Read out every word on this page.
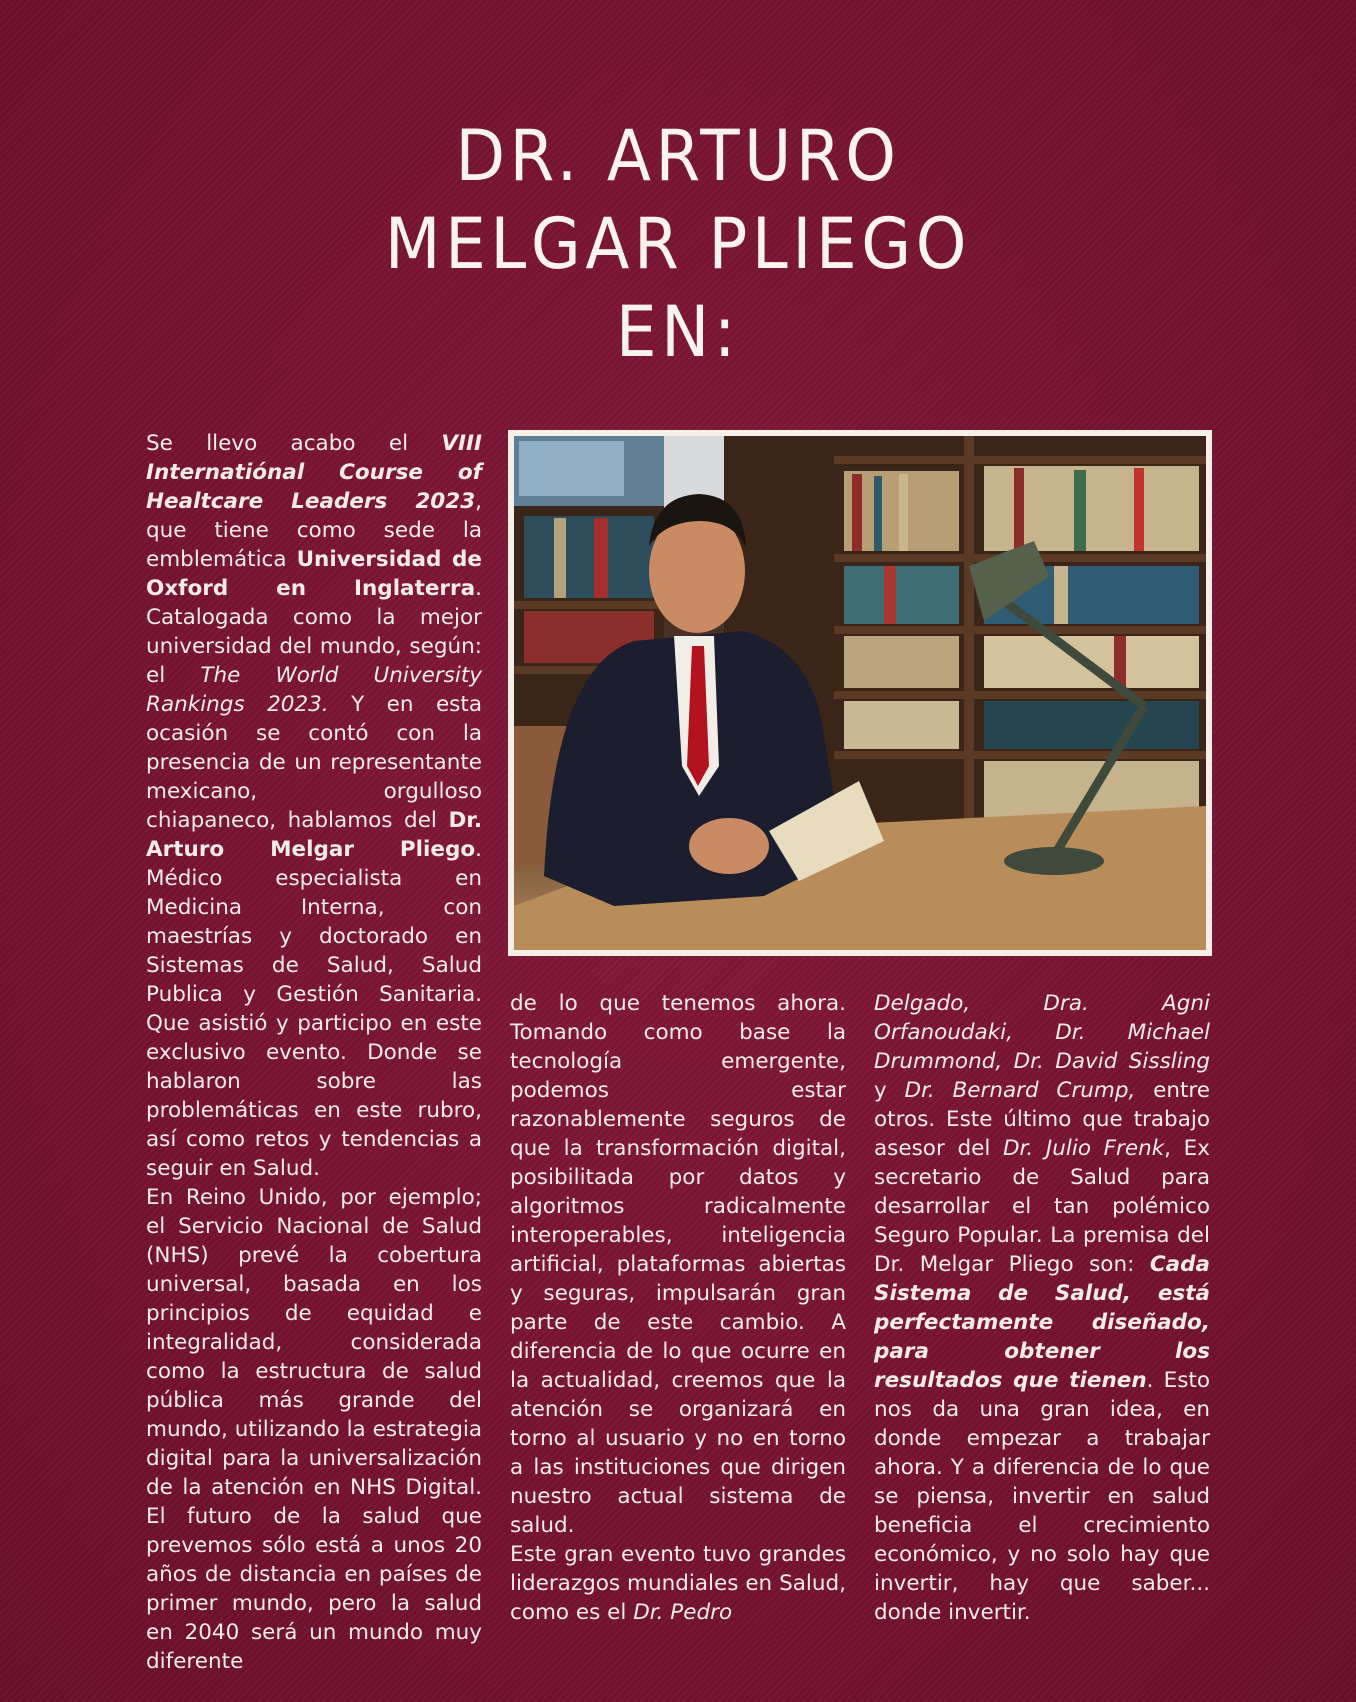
DR. ARTURO
MELGAR PLIEGO
EN:

Se llevo acabo el VIII Internatiónal Course of Healtcare Leaders 2023, que tiene como sede la emblemática Universidad de Oxford en Inglaterra. Catalogada como la mejor universidad del mundo, según: el The World University Rankings 2023. Y en esta ocasión se contó con la presencia de un representante mexicano, orgulloso chiapaneco, hablamos del Dr. Arturo Melgar Pliego. Médico especialista en Medicina Interna, con maestrías y doctorado en Sistemas de Salud, Salud Publica y Gestión Sanitaria. Que asistió y participo en este exclusivo evento. Donde se hablaron sobre las problemáticas en este rubro, así como retos y tendencias a seguir en Salud.

En Reino Unido, por ejemplo; el Servicio Nacional de Salud (NHS) prevé la cobertura universal, basada en los principios de equidad e integralidad, considerada como la estructura de salud pública más grande del mundo, utilizando la estrategia digital para la universalización de la atención en NHS Digital. El futuro de la salud que prevemos sólo está a unos 20 años de distancia en países de primer mundo, pero la salud en 2040 será un mundo muy diferente

de lo que tenemos ahora. Tomando como base la tecnología emergente, podemos estar razonablemente seguros de que la transformación digital, posibilitada por datos y algoritmos radicalmente interoperables, inteligencia artificial, plataformas abiertas y seguras, impulsarán gran parte de este cambio. A diferencia de lo que ocurre en la actualidad, creemos que la atención se organizará en torno al usuario y no en torno a las instituciones que dirigen nuestro actual sistema de salud.

Este gran evento tuvo grandes liderazgos mundiales en Salud, como es el Dr. Pedro

Delgado, Dra. Agni Orfanoudaki, Dr. Michael Drummond, Dr. David Sissling y Dr. Bernard Crump, entre otros. Este último que trabajo asesor del Dr. Julio Frenk, Ex secretario de Salud para desarrollar el tan polémico Seguro Popular. La premisa del Dr. Melgar Pliego son: Cada Sistema de Salud, está perfectamente diseñado, para obtener los resultados que tienen. Esto nos da una gran idea, en donde empezar a trabajar ahora. Y a diferencia de lo que se piensa, invertir en salud beneficia el crecimiento económico, y no solo hay que invertir, hay que saber... donde invertir.
